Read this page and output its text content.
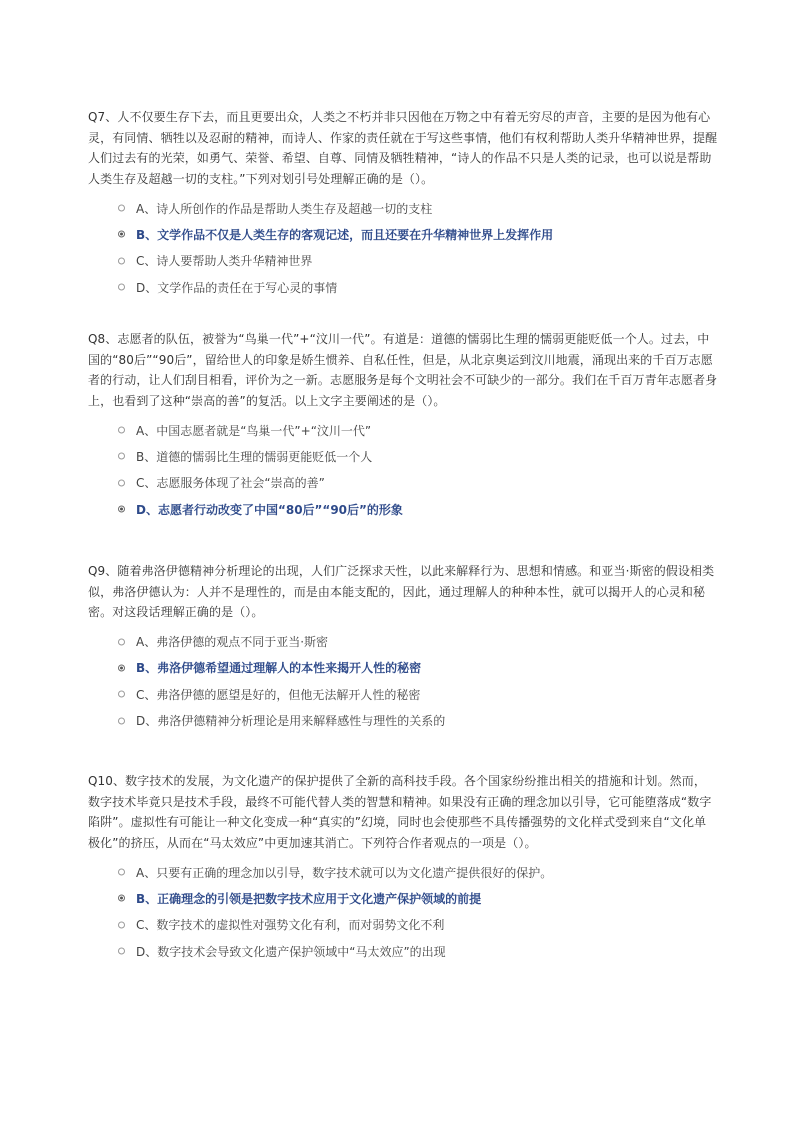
Q7、人不仅要生存下去，而且更要出众，人类之不朽并非只因他在万物之中有着无穷尽的声音，主要的是因为他有心灵，有同情、牺牲以及忍耐的精神，而诗人、作家的责任就在于写这些事情，他们有权利帮助人类升华精神世界，提醒人们过去有的光荣，如勇气、荣誉、希望、自尊、同情及牺牲精神，“诗人的作品不只是人类的记录，也可以说是帮助人类生存及超越一切的支柱。”下列对划引号处理解正确的是（）。

A、诗人所创作的作品是帮助人类生存及超越一切的支柱
B、文学作品不仅是人类生存的客观记述，而且还要在升华精神世界上发挥作用
C、诗人要帮助人类升华精神世界
D、文学作品的责任在于写心灵的事情

Q8、志愿者的队伍，被誉为“鸟巢一代”+“汶川一代”。有道是：道德的懦弱比生理的懦弱更能贬低一个人。过去，中国的“80后”“90后”，留给世人的印象是娇生惯养、自私任性，但是，从北京奥运到汶川地震，涌现出来的千百万志愿者的行动，让人们刮目相看，评价为之一新。志愿服务是每个文明社会不可缺少的一部分。我们在千百万青年志愿者身上，也看到了这种“崇高的善”的复活。以上文字主要阐述的是（）。

A、中国志愿者就是“鸟巢一代”+“汶川一代”
B、道德的懦弱比生理的懦弱更能贬低一个人
C、志愿服务体现了社会“崇高的善”
D、志愿者行动改变了中国“80后”“90后”的形象

Q9、随着弗洛伊德精神分析理论的出现，人们广泛探求天性，以此来解释行为、思想和情感。和亚当·斯密的假设相类似，弗洛伊德认为：人并不是理性的，而是由本能支配的，因此，通过理解人的种种本性，就可以揭开人的心灵和秘密。对这段话理解正确的是（）。

A、弗洛伊德的观点不同于亚当·斯密
B、弗洛伊德希望通过理解人的本性来揭开人性的秘密
C、弗洛伊德的愿望是好的，但他无法解开人性的秘密
D、弗洛伊德精神分析理论是用来解释感性与理性的关系的

Q10、数字技术的发展，为文化遗产的保护提供了全新的高科技手段。各个国家纷纷推出相关的措施和计划。然而，数字技术毕竟只是技术手段，最终不可能代替人类的智慧和精神。如果没有正确的理念加以引导，它可能堕落成“数字陷阱”。虚拟性有可能让一种文化变成一种“真实的”幻境，同时也会使那些不具传播强势的文化样式受到来自“文化单极化”的挤压，从而在“马太效应”中更加速其消亡。下列符合作者观点的一项是（）。

A、只要有正确的理念加以引导，数字技术就可以为文化遗产提供很好的保护。
B、正确理念的引领是把数字技术应用于文化遗产保护领域的前提
C、数字技术的虚拟性对强势文化有利，而对弱势文化不利
D、数字技术会导致文化遗产保护领域中“马太效应”的出现
